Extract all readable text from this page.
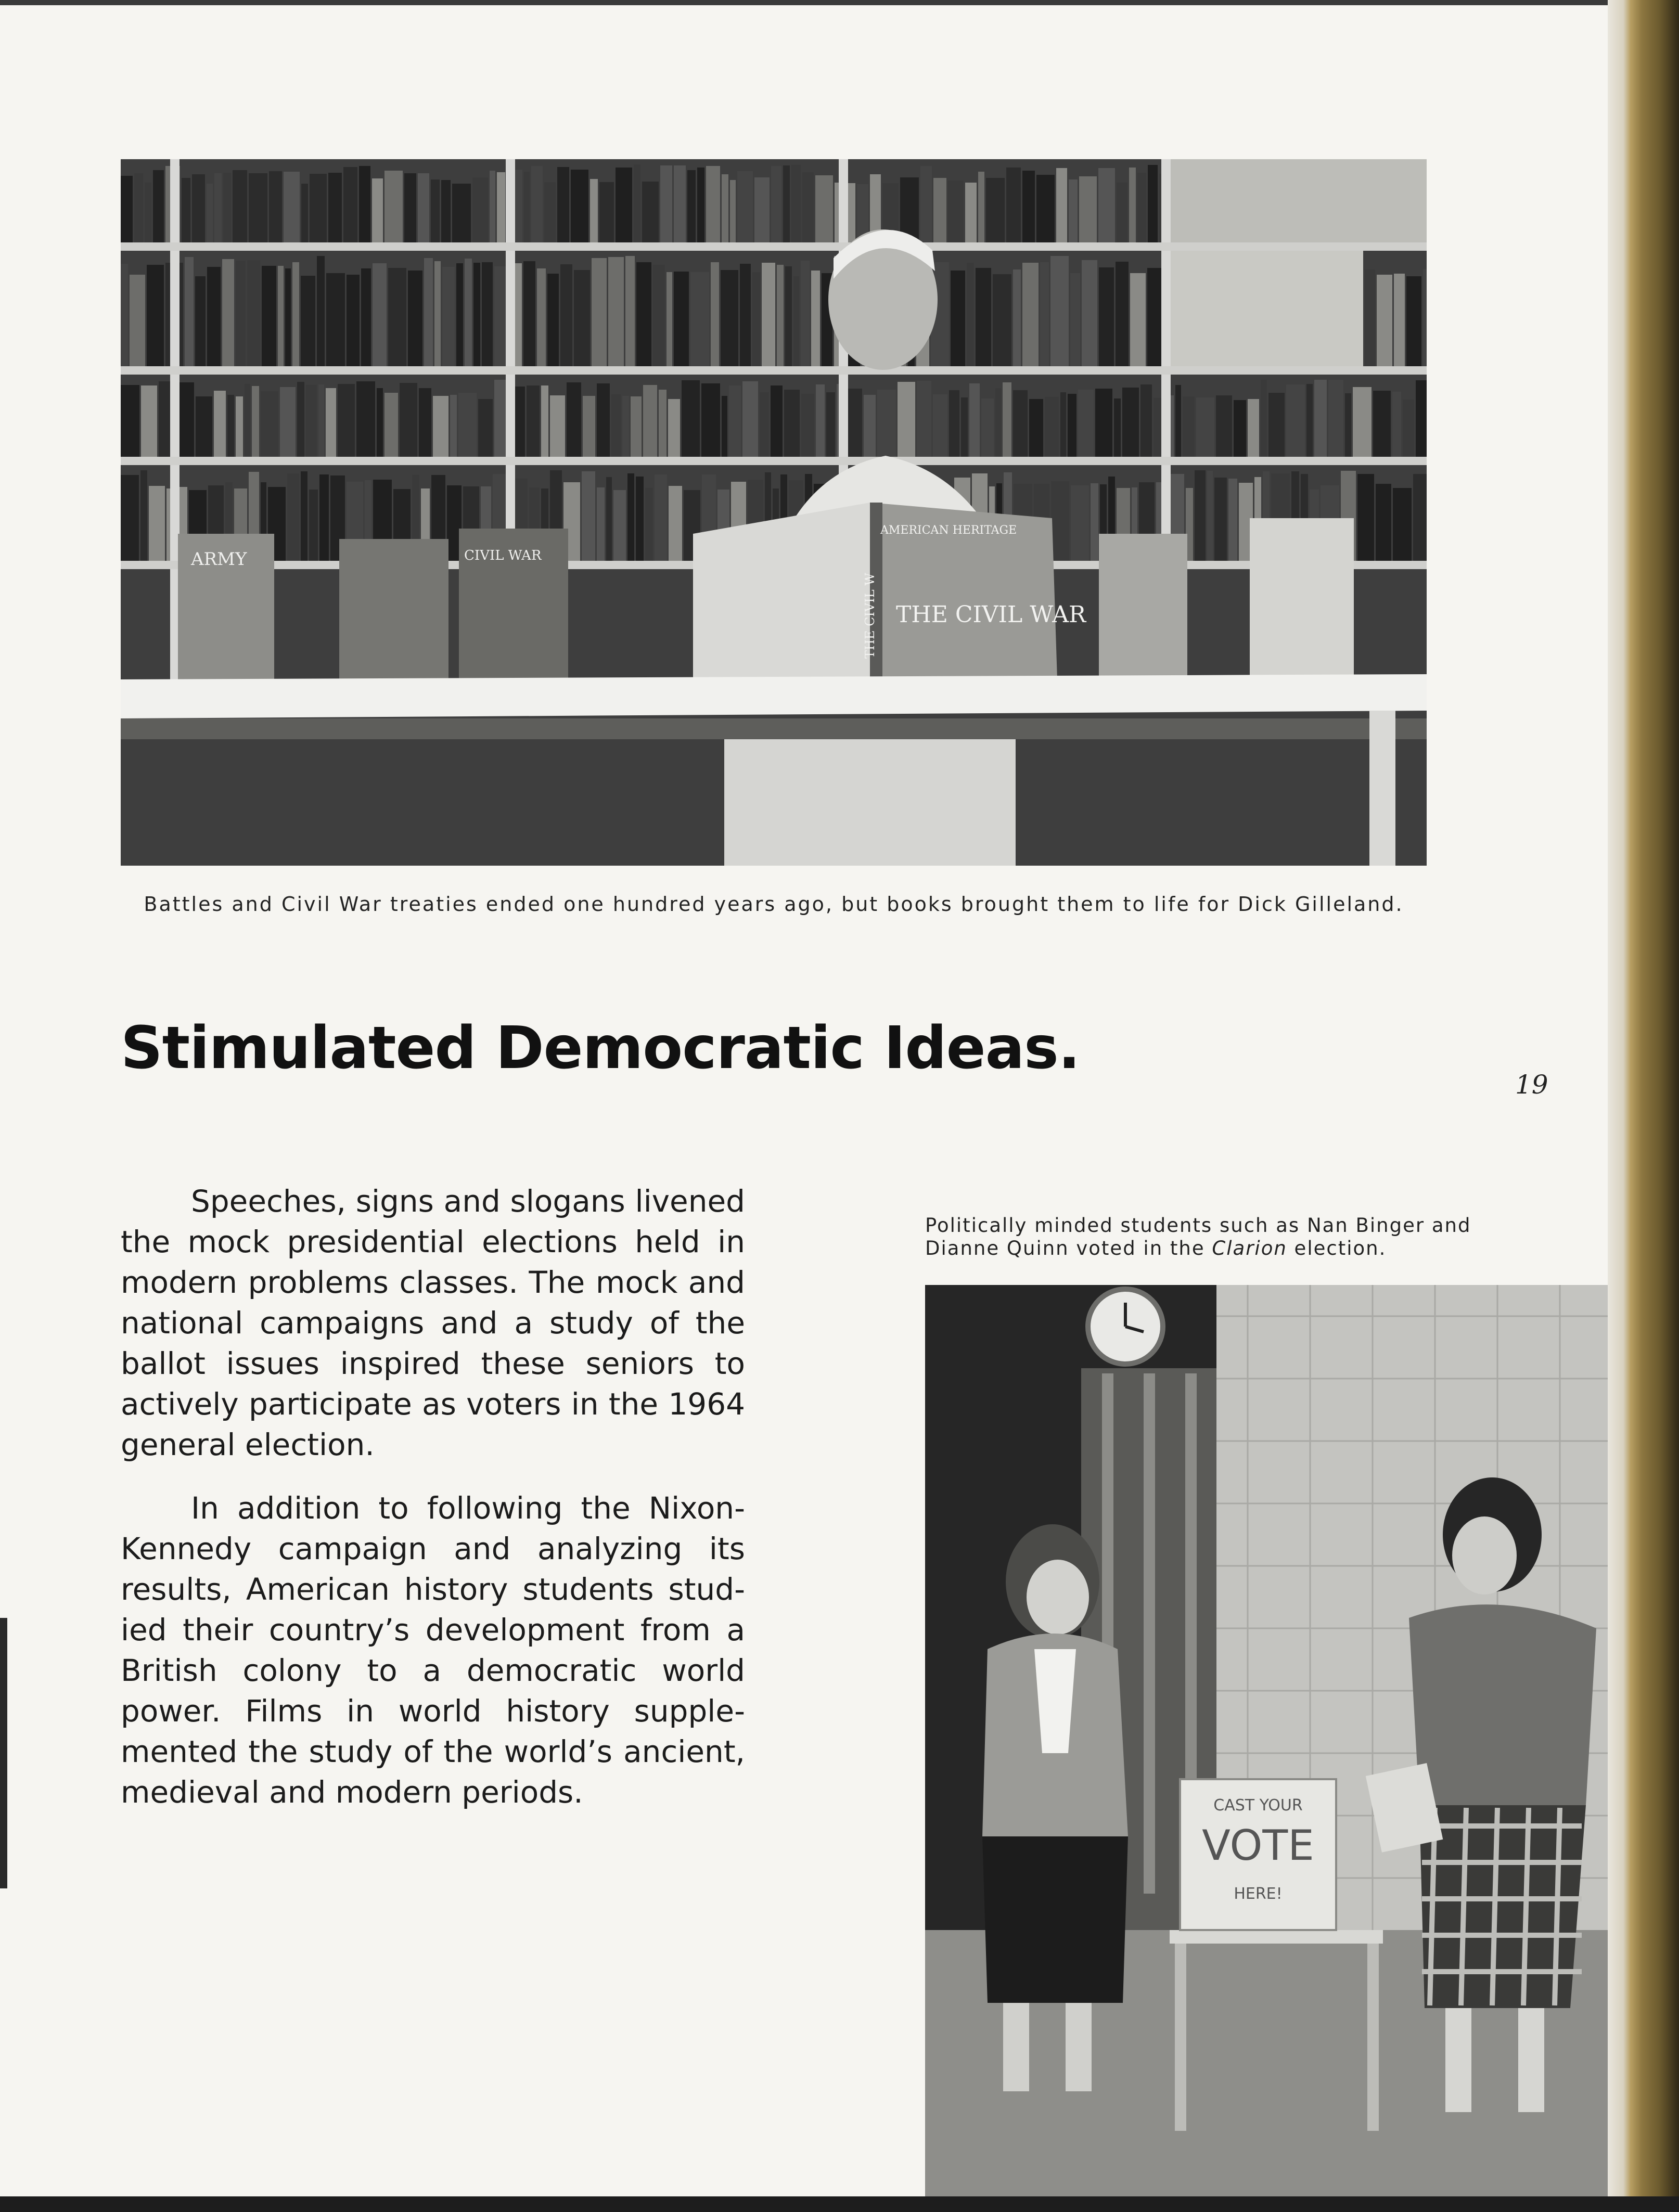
AMERICAN HERITAGE
THE CIVIL WAR
THE CIVIL W
ARMY	CIVIL WAR
Battles and Civil War treaties ended one hundred years ago, but books brought them to life for Dick Gilleland.
Stimulated Democratic Ideas.
19

Speeches, signs and slogans livened the mock presidential elections held in modern problems classes. The mock and national campaigns and a study of the ballot issues inspired these seniors to actively participate as voters in the 1964 general election.

In addition to following the Nixon-Kennedy campaign and analyzing its results, American history students studied their country’s development from a British colony to a democratic world power. Films in world history supplemented the study of the world’s ancient, medieval and modern periods.

Politically minded students such as Nan Binger and Dianne Quinn voted in the Clarion election.
CAST YOUR
VOTE
HERE!
